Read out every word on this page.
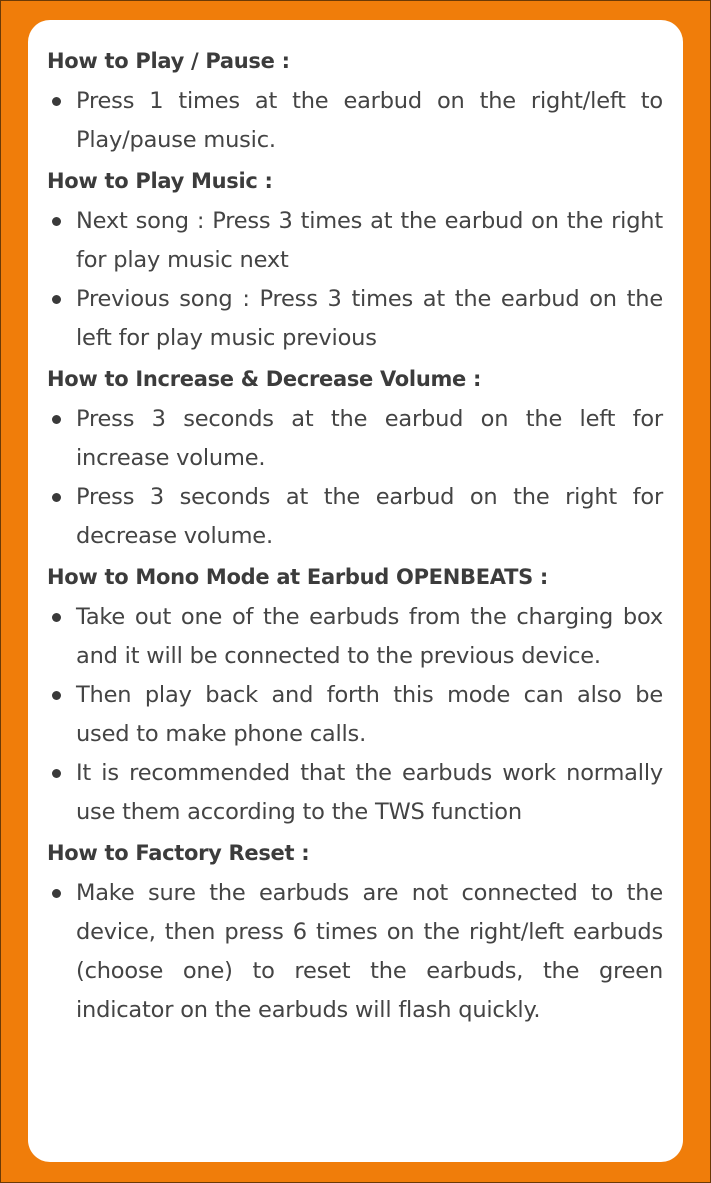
How to Play / Pause :
Press 1 times at the earbud on the right/left to Play/pause music.
How to Play Music :
Next song : Press 3 times at the earbud on the right for play music next
Previous song : Press 3 times at the earbud on the left for play music previous
How to Increase & Decrease Volume :
Press 3 seconds at the earbud on the left for increase volume.
Press 3 seconds at the earbud on the right for decrease volume.
How to Mono Mode at Earbud OPENBEATS :
Take out one of the earbuds from the charging box and it will be connected to the previous device.
Then play back and forth this mode can also be used to make phone calls.
It is recommended that the earbuds work normally use them according to the TWS function
How to Factory Reset :
Make sure the earbuds are not connected to the device, then press 6 times on the right/left earbuds (choose one) to reset the earbuds, the green indicator on the earbuds will flash quickly.
